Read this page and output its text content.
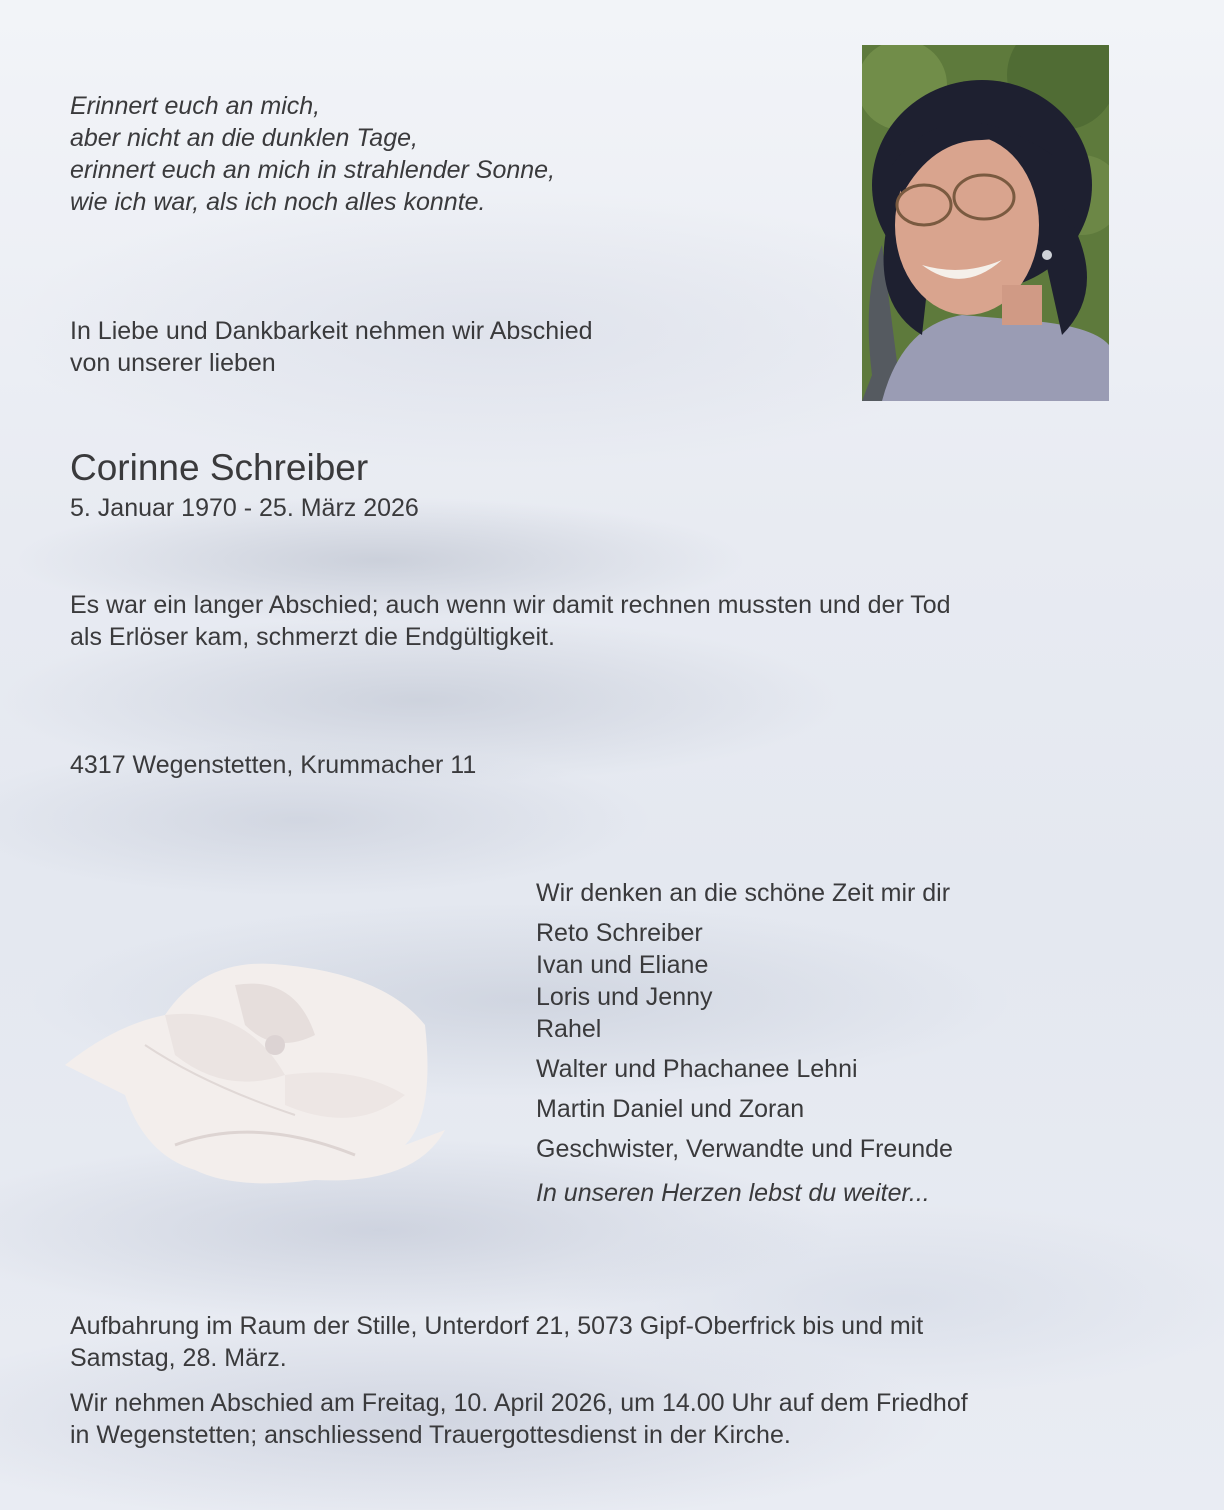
Erinnert euch an mich,
aber nicht an die dunklen Tage,
erinnert euch an mich in strahlender Sonne,
wie ich war, als ich noch alles konnte.
In Liebe und Dankbarkeit nehmen wir Abschied
von unserer lieben
Corinne Schreiber
5. Januar 1970 - 25. März 2026
Es war ein langer Abschied; auch wenn wir damit rechnen mussten und der Tod
als Erlöser kam, schmerzt die Endgültigkeit.
4317 Wegenstetten, Krummacher 11
Wir denken an die schöne Zeit mir dir
Reto Schreiber
Ivan und Eliane
Loris und Jenny
Rahel
Walter und Phachanee Lehni
Martin Daniel und Zoran
Geschwister, Verwandte und Freunde
In unseren Herzen lebst du weiter...
Aufbahrung im Raum der Stille, Unterdorf 21, 5073 Gipf-Oberfrick bis und mit
Samstag, 28. März.
Wir nehmen Abschied am Freitag, 10. April 2026, um 14.00 Uhr auf dem Friedhof
in Wegenstetten; anschliessend Trauergottesdienst in der Kirche.
